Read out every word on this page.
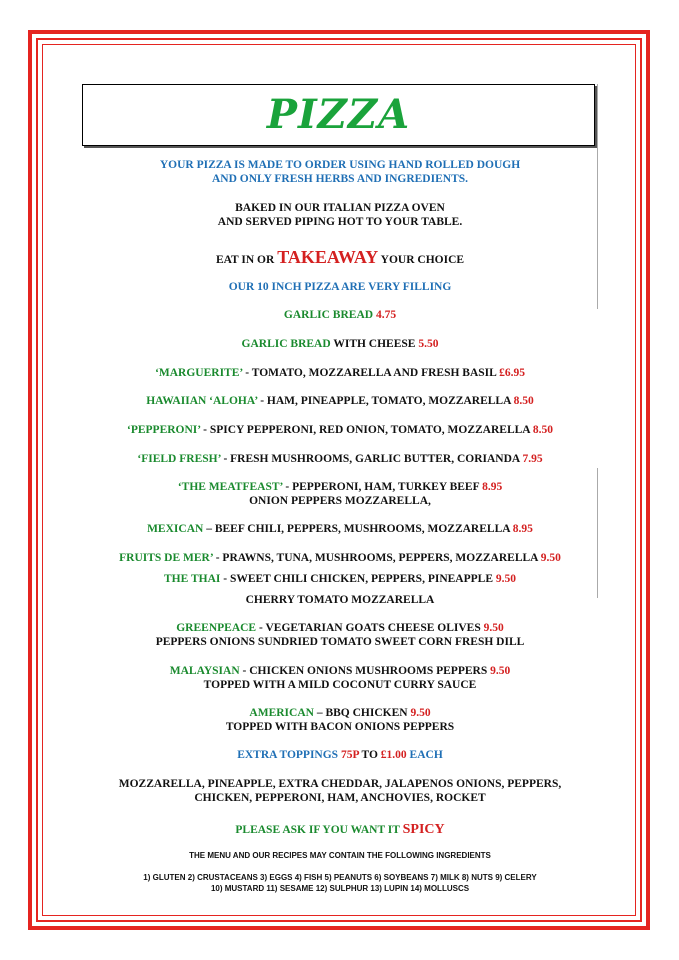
PIZZA
YOUR PIZZA IS MADE TO ORDER USING HAND ROLLED DOUGH
AND ONLY FRESH HERBS AND INGREDIENTS.
BAKED IN OUR ITALIAN PIZZA OVEN
AND SERVED PIPING HOT TO YOUR TABLE.
EAT IN OR TAKEAWAY YOUR CHOICE
OUR 10 INCH PIZZA ARE VERY FILLING
GARLIC BREAD 4.75
GARLIC BREAD WITH CHEESE 5.50
‘MARGUERITE’ - TOMATO, MOZZARELLA AND FRESH BASIL £6.95
HAWAIIAN ‘ALOHA’ - HAM, PINEAPPLE, TOMATO, MOZZARELLA 8.50
‘PEPPERONI’ - SPICY PEPPERONI, RED ONION, TOMATO, MOZZARELLA 8.50
‘FIELD FRESH’ - FRESH MUSHROOMS, GARLIC BUTTER, CORIANDA 7.95
‘THE MEATFEAST’ - PEPPERONI, HAM, TURKEY BEEF 8.95
ONION PEPPERS MOZZARELLA,
MEXICAN – BEEF CHILI, PEPPERS, MUSHROOMS, MOZZARELLA 8.95
FRUITS DE MER’ - PRAWNS, TUNA, MUSHROOMS, PEPPERS, MOZZARELLA 9.50
THE THAI - SWEET CHILI CHICKEN, PEPPERS, PINEAPPLE 9.50
CHERRY TOMATO MOZZARELLA
GREENPEACE - VEGETARIAN GOATS CHEESE OLIVES 9.50
PEPPERS ONIONS SUNDRIED TOMATO SWEET CORN FRESH DILL
MALAYSIAN - CHICKEN ONIONS MUSHROOMS PEPPERS 9.50
TOPPED WITH A MILD COCONUT CURRY SAUCE
AMERICAN – BBQ CHICKEN 9.50
TOPPED WITH BACON ONIONS PEPPERS
EXTRA TOPPINGS 75P TO £1.00 EACH
MOZZARELLA, PINEAPPLE, EXTRA CHEDDAR, JALAPENOS ONIONS, PEPPERS,
CHICKEN, PEPPERONI, HAM, ANCHOVIES, ROCKET
PLEASE ASK IF YOU WANT IT SPICY
THE MENU AND OUR RECIPES MAY CONTAIN THE FOLLOWING INGREDIENTS
1) GLUTEN 2) CRUSTACEANS 3) EGGS 4) FISH 5) PEANUTS 6) SOYBEANS 7) MILK 8) NUTS 9) CELERY
10) MUSTARD 11) SESAME 12) SULPHUR 13) LUPIN 14) MOLLUSCS
